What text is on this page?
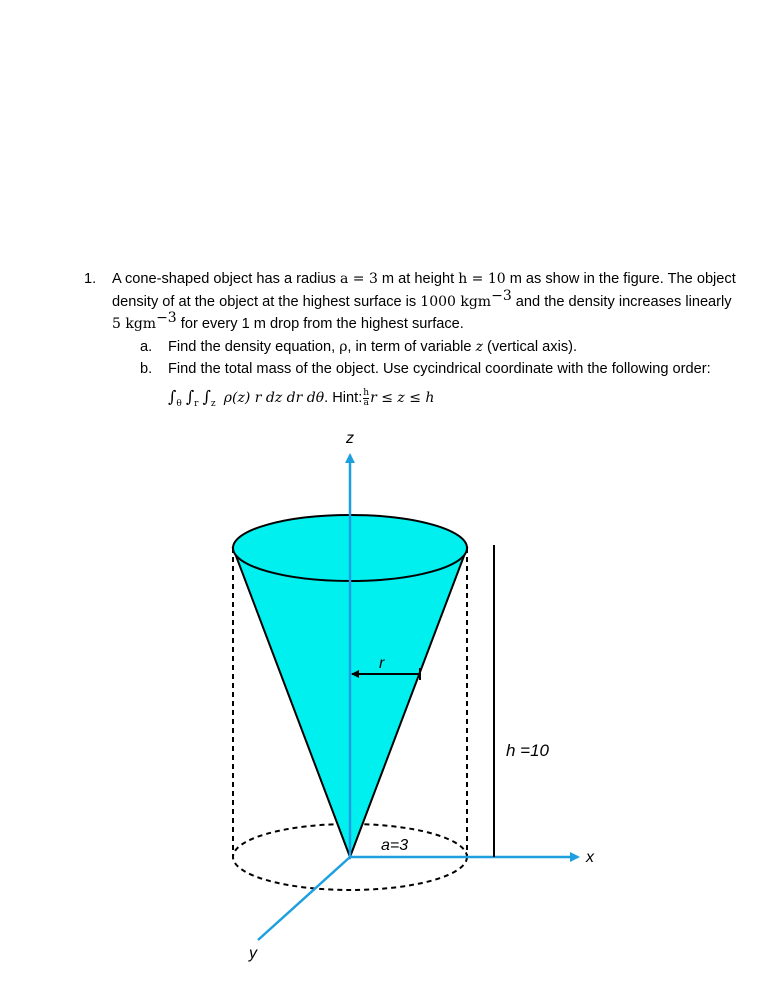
1. A cone-shaped object has a radius a = 3 m at height h = 10 m as show in the figure. The object
density of at the object at the highest surface is 1000 kgm$^{-3}$ and the density increases linearly
5 kgm$^{-3}$ for every 1 m drop from the highest surface.
a. Find the density equation, ρ, in term of variable z (vertical axis).
b. Find the total mass of the object. Use cycindrical coordinate with the following order:
$\int_\theta$ $\int_r$ $\int_z$ ρ(z) r dz dr dθ. Hint: $\frac{h}{a}$ r ≤ z ≤ h
z
x
y
r
a=3
h =10
